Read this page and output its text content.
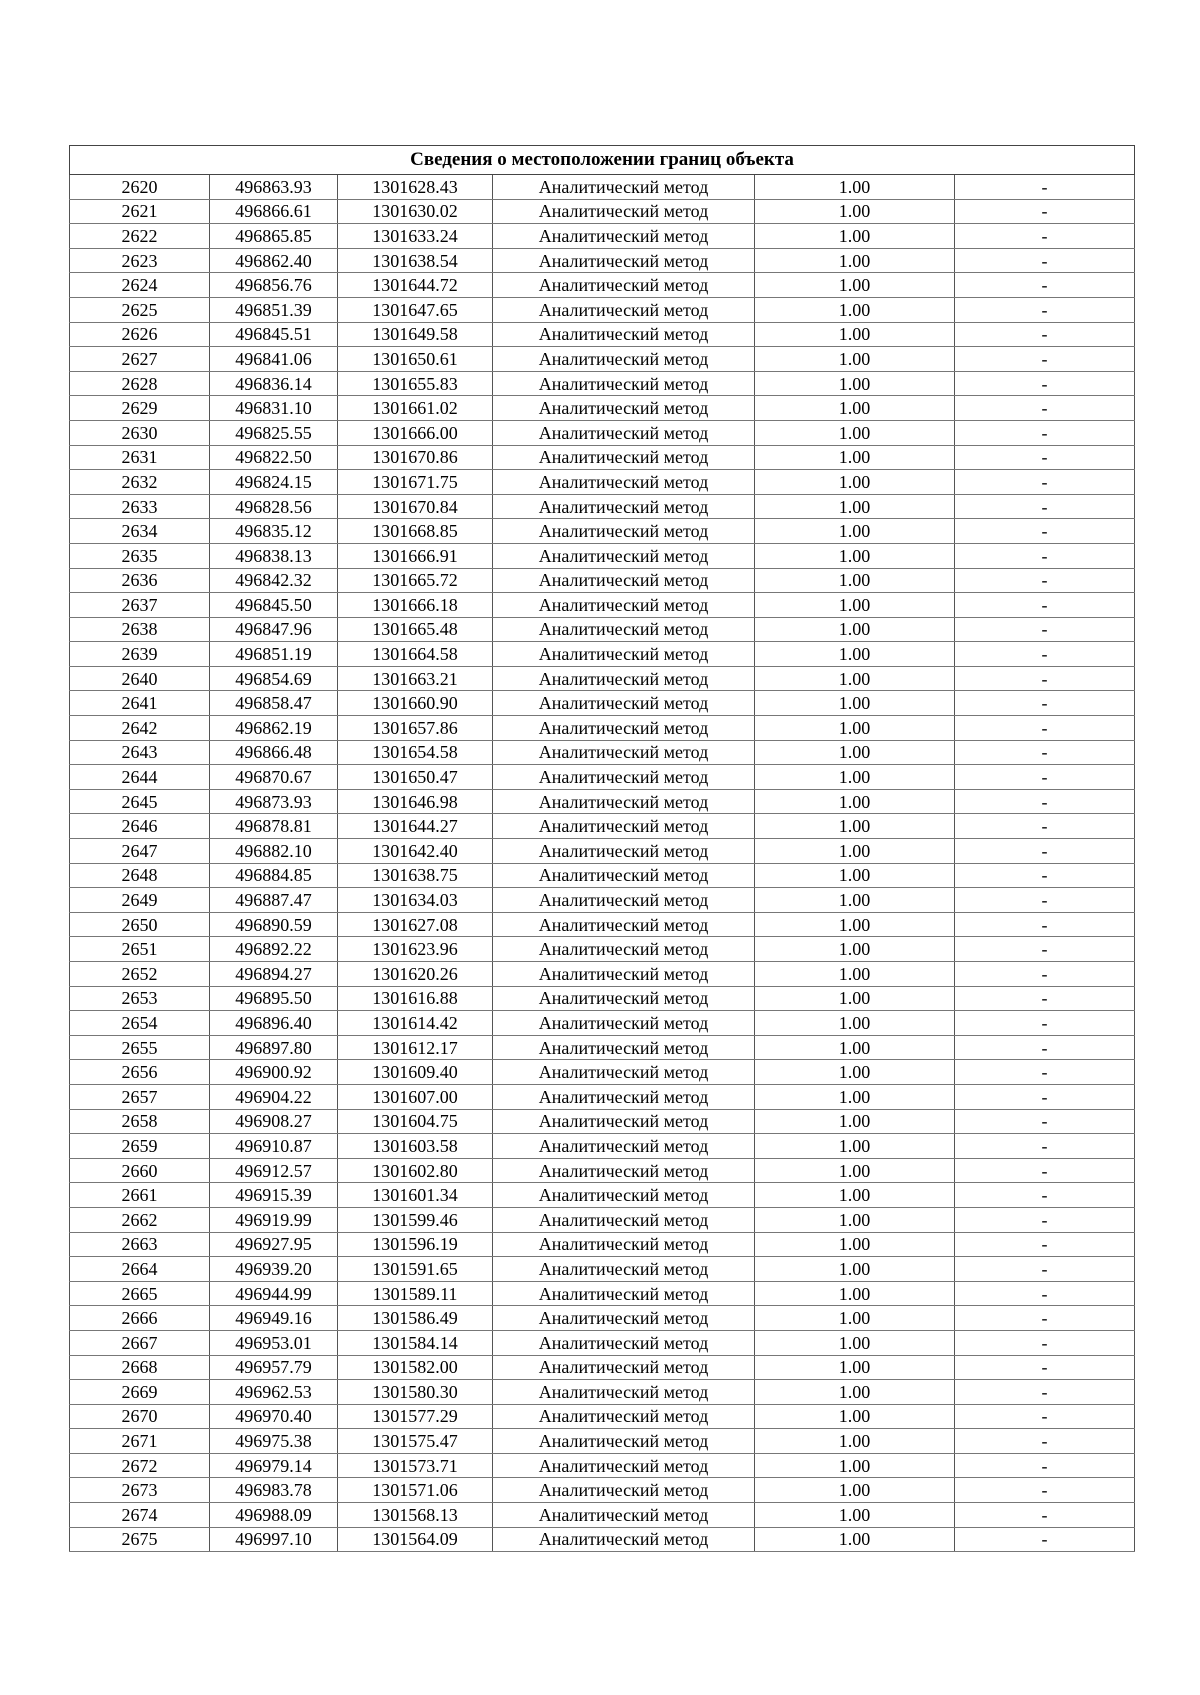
Сведения о местоположении границ объекта					
2620	496863.93	1301628.43	Аналитический метод	1.00	-
2621	496866.61	1301630.02	Аналитический метод	1.00	-
2622	496865.85	1301633.24	Аналитический метод	1.00	-
2623	496862.40	1301638.54	Аналитический метод	1.00	-
2624	496856.76	1301644.72	Аналитический метод	1.00	-
2625	496851.39	1301647.65	Аналитический метод	1.00	-
2626	496845.51	1301649.58	Аналитический метод	1.00	-
2627	496841.06	1301650.61	Аналитический метод	1.00	-
2628	496836.14	1301655.83	Аналитический метод	1.00	-
2629	496831.10	1301661.02	Аналитический метод	1.00	-
2630	496825.55	1301666.00	Аналитический метод	1.00	-
2631	496822.50	1301670.86	Аналитический метод	1.00	-
2632	496824.15	1301671.75	Аналитический метод	1.00	-
2633	496828.56	1301670.84	Аналитический метод	1.00	-
2634	496835.12	1301668.85	Аналитический метод	1.00	-
2635	496838.13	1301666.91	Аналитический метод	1.00	-
2636	496842.32	1301665.72	Аналитический метод	1.00	-
2637	496845.50	1301666.18	Аналитический метод	1.00	-
2638	496847.96	1301665.48	Аналитический метод	1.00	-
2639	496851.19	1301664.58	Аналитический метод	1.00	-
2640	496854.69	1301663.21	Аналитический метод	1.00	-
2641	496858.47	1301660.90	Аналитический метод	1.00	-
2642	496862.19	1301657.86	Аналитический метод	1.00	-
2643	496866.48	1301654.58	Аналитический метод	1.00	-
2644	496870.67	1301650.47	Аналитический метод	1.00	-
2645	496873.93	1301646.98	Аналитический метод	1.00	-
2646	496878.81	1301644.27	Аналитический метод	1.00	-
2647	496882.10	1301642.40	Аналитический метод	1.00	-
2648	496884.85	1301638.75	Аналитический метод	1.00	-
2649	496887.47	1301634.03	Аналитический метод	1.00	-
2650	496890.59	1301627.08	Аналитический метод	1.00	-
2651	496892.22	1301623.96	Аналитический метод	1.00	-
2652	496894.27	1301620.26	Аналитический метод	1.00	-
2653	496895.50	1301616.88	Аналитический метод	1.00	-
2654	496896.40	1301614.42	Аналитический метод	1.00	-
2655	496897.80	1301612.17	Аналитический метод	1.00	-
2656	496900.92	1301609.40	Аналитический метод	1.00	-
2657	496904.22	1301607.00	Аналитический метод	1.00	-
2658	496908.27	1301604.75	Аналитический метод	1.00	-
2659	496910.87	1301603.58	Аналитический метод	1.00	-
2660	496912.57	1301602.80	Аналитический метод	1.00	-
2661	496915.39	1301601.34	Аналитический метод	1.00	-
2662	496919.99	1301599.46	Аналитический метод	1.00	-
2663	496927.95	1301596.19	Аналитический метод	1.00	-
2664	496939.20	1301591.65	Аналитический метод	1.00	-
2665	496944.99	1301589.11	Аналитический метод	1.00	-
2666	496949.16	1301586.49	Аналитический метод	1.00	-
2667	496953.01	1301584.14	Аналитический метод	1.00	-
2668	496957.79	1301582.00	Аналитический метод	1.00	-
2669	496962.53	1301580.30	Аналитический метод	1.00	-
2670	496970.40	1301577.29	Аналитический метод	1.00	-
2671	496975.38	1301575.47	Аналитический метод	1.00	-
2672	496979.14	1301573.71	Аналитический метод	1.00	-
2673	496983.78	1301571.06	Аналитический метод	1.00	-
2674	496988.09	1301568.13	Аналитический метод	1.00	-
2675	496997.10	1301564.09	Аналитический метод	1.00	-
